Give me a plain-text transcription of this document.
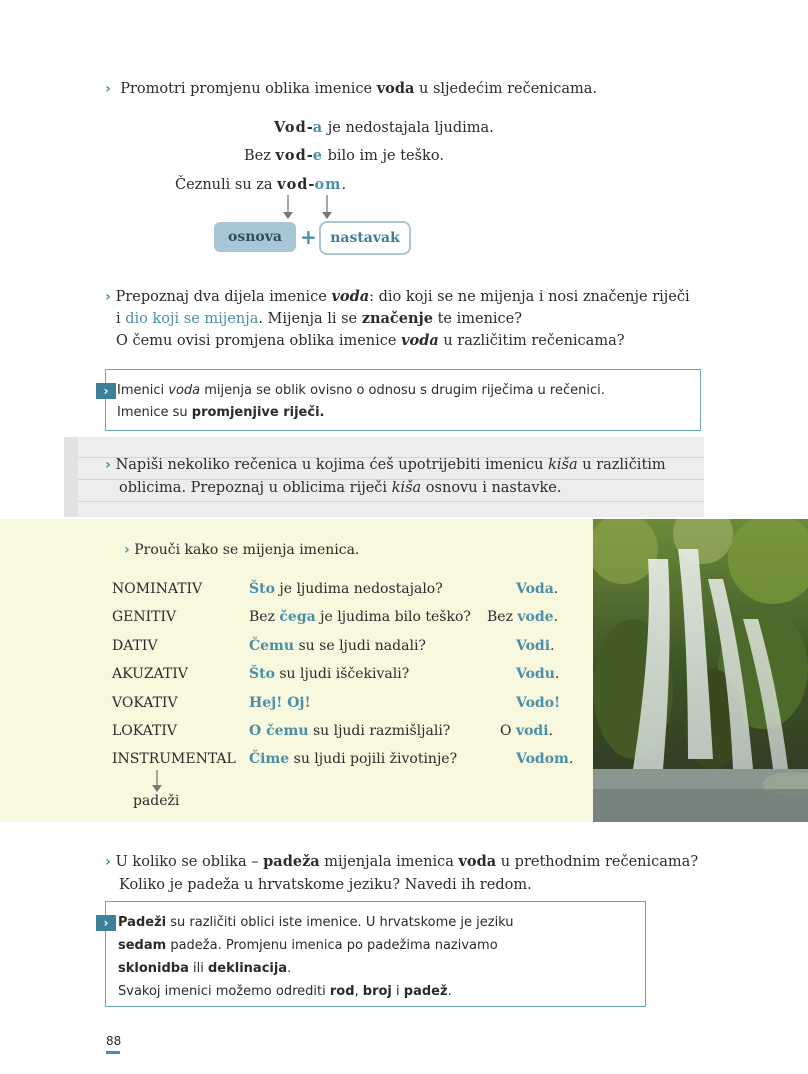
› Promotri promjenu oblika imenice voda u sljedećim rečenicama.
Vod-a je nedostajala ljudima.
Bez vod-e bilo im je teško.
Čeznuli su za vod-om.
osnova + nastavak
› Prepoznaj dva dijela imenice voda: dio koji se ne mijenja i nosi značenje riječi
i dio koji se mijenja. Mijenja li se značenje te imenice?
O čemu ovisi promjena oblika imenice voda u različitim rečenicama?
› Imenici voda mijenja se oblik ovisno o odnosu s drugim riječima u rečenici.
Imenice su promjenjive riječi.
› Napiši nekoliko rečenica u kojima ćeš upotrijebiti imenicu kiša u različitim
oblicima. Prepoznaj u oblicima riječi kiša osnovu i nastavke.
› Prouči kako se mijenja imenica.
NOMINATIV	Što je ljudima nedostajalo?	Voda.
GENITIV	Bez čega je ljudima bilo teško? Bez vode.
DATIV	Čemu su se ljudi nadali?	Vodi.
AKUZATIV	Što su ljudi iščekivali?	Vodu.
VOKATIV	Hej! Oj!	Vodo!
LOKATIV	O čemu su ljudi razmišljali?	O vodi.
INSTRUMENTAL Čime su ljudi pojili životinje?	Vodom.
padeži
› U koliko se oblika – padeža mijenjala imenica voda u prethodnim rečenicama?
Koliko je padeža u hrvatskome jeziku? Navedi ih redom.
› Padeži su različiti oblici iste imenice. U hrvatskome je jeziku
sedam padeža. Promjenu imenica po padežima nazivamo
sklonidba ili deklinacija.
Svakoj imenici možemo odrediti rod, broj i padež.
88
